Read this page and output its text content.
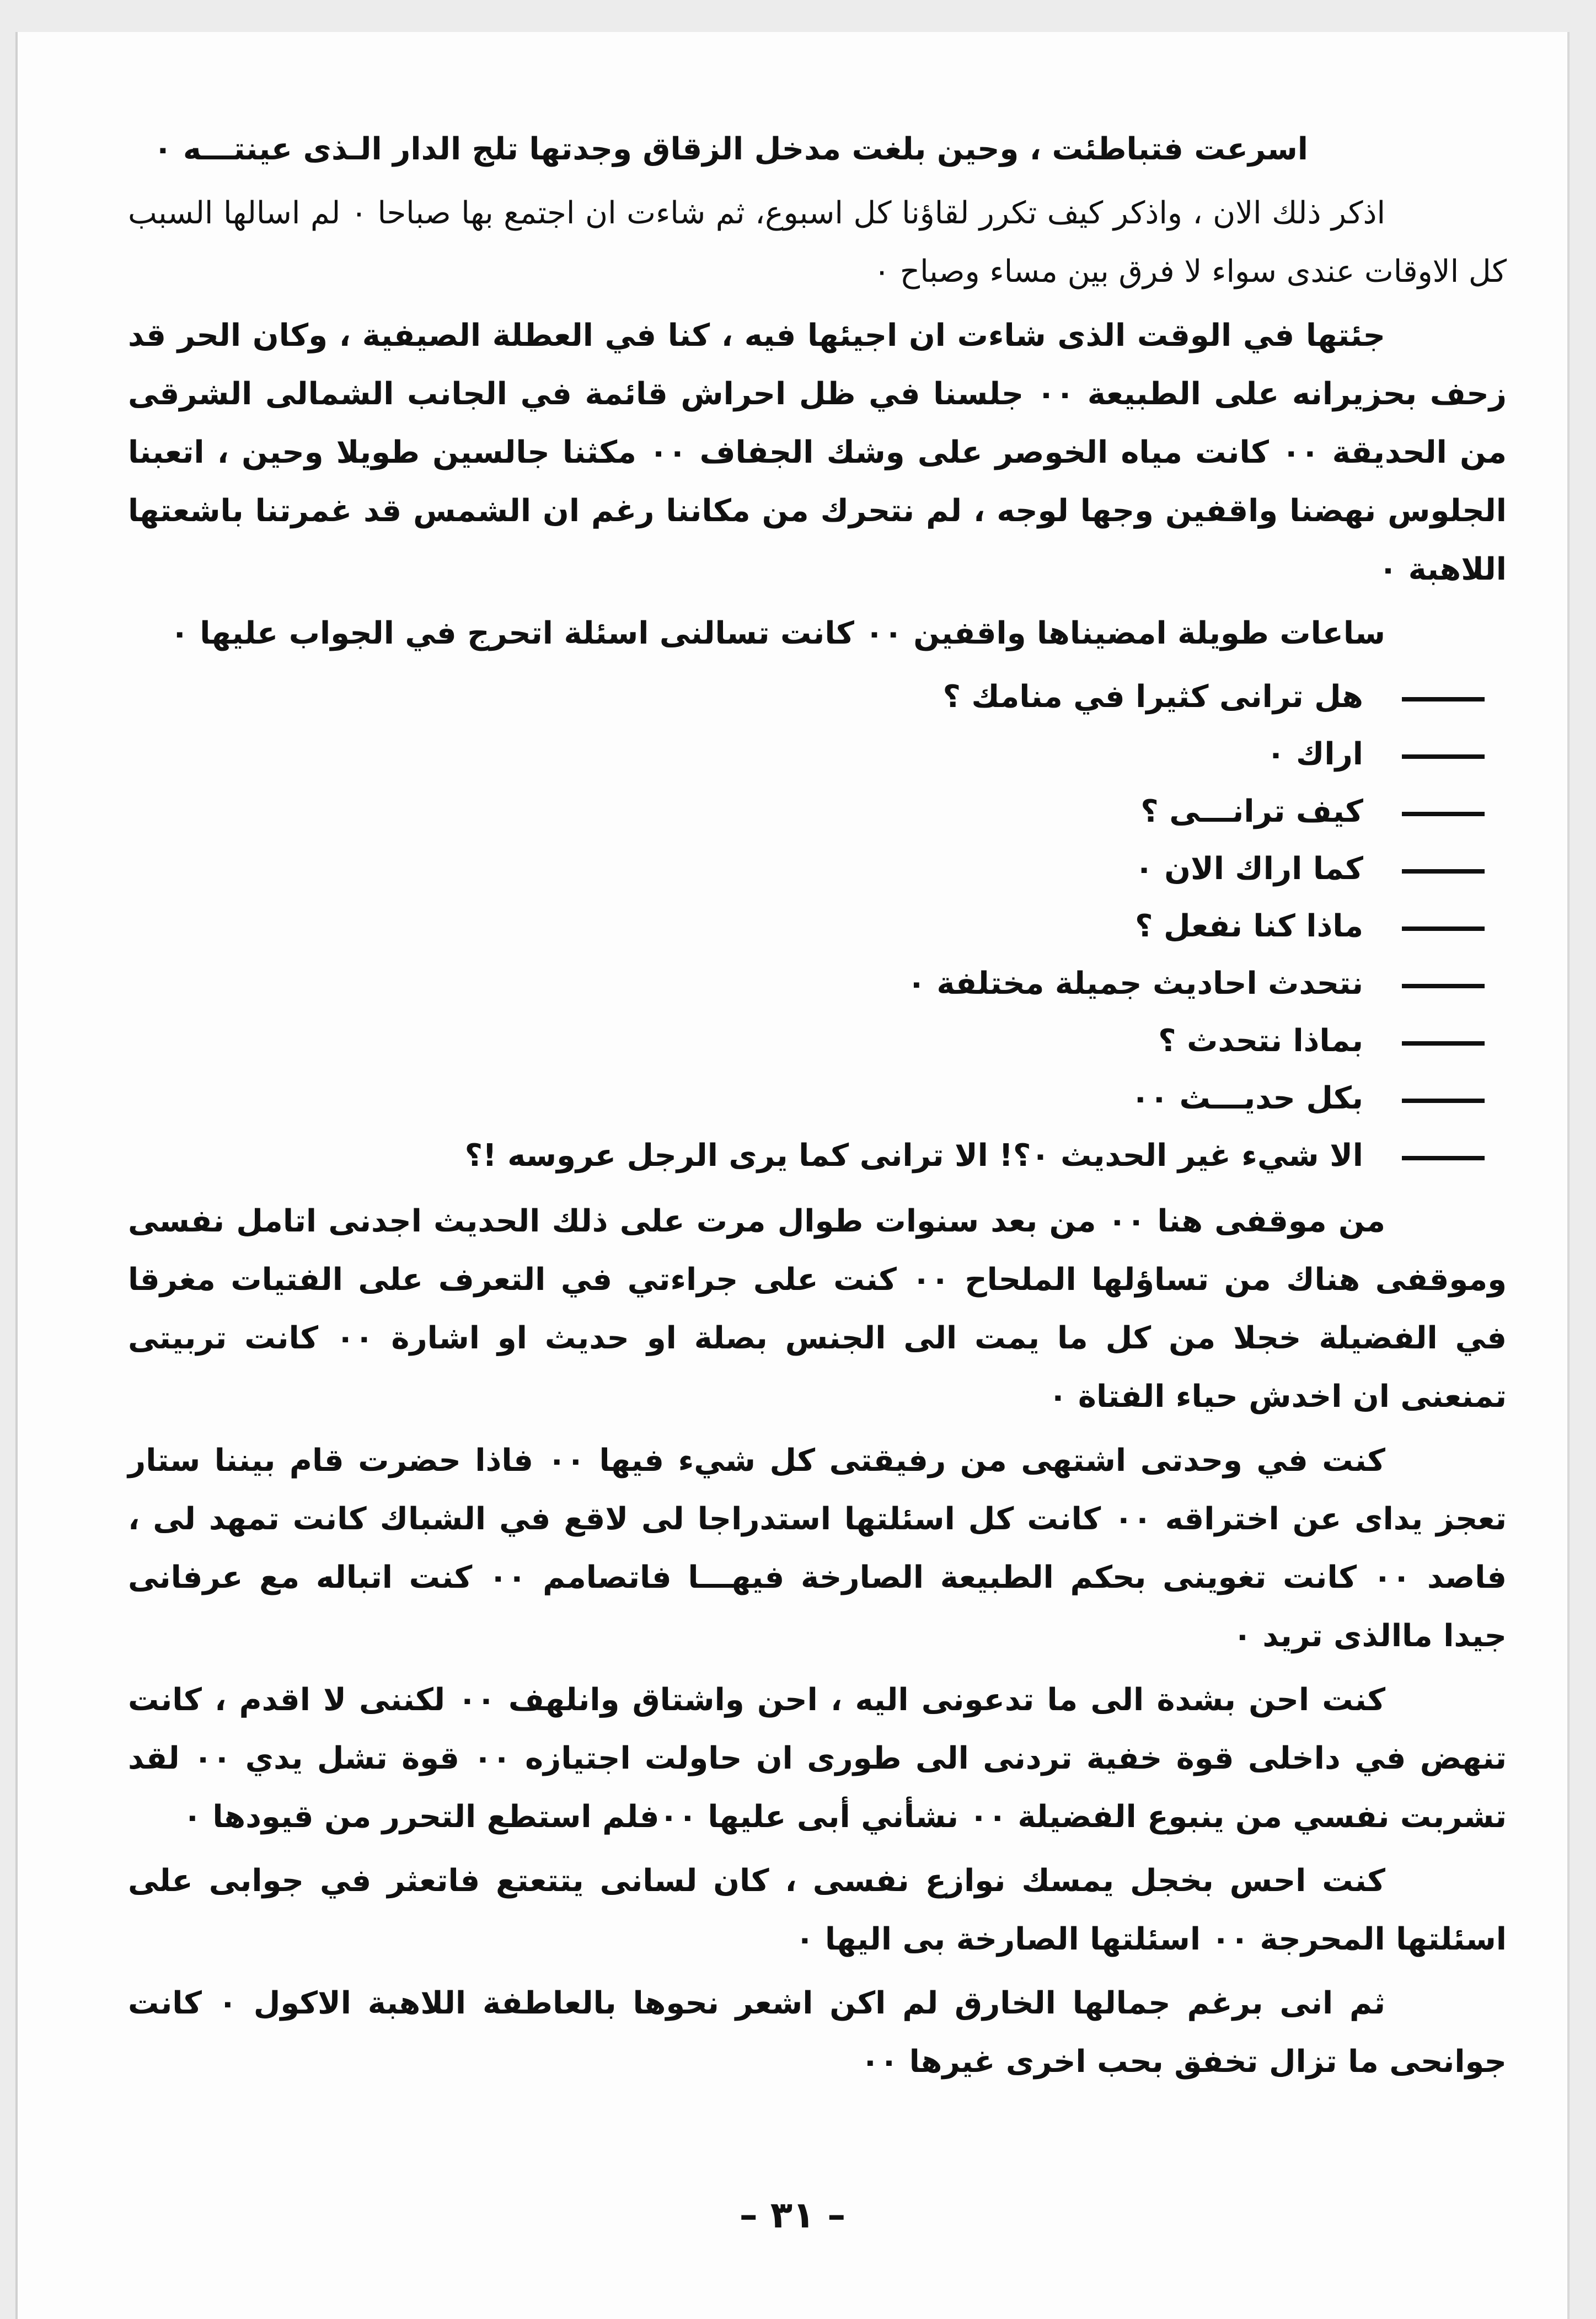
اسرعت فتباطئت ، وحين بلغت مدخل الزقاق وجدتها تلج الدار الـذى عينتـــه ٠

اذكر ذلك الان ، واذكر كيف تكرر لقاؤنا كل اسبوع، ثم شاءت ان اجتمع بها صباحا ٠ لم اسالها السبب كل الاوقات عندى سواء لا فرق بين مساء وصباح ٠

جئتها في الوقت الذى شاءت ان اجيئها فيه ، كنا في العطلة الصيفية ، وكان الحر قد زحف بحزيرانه على الطبيعة ٠٠ جلسنا في ظل احراش قائمة في الجانب الشمالى الشرقى من الحديقة ٠٠ كانت مياه الخوصر على وشك الجفاف ٠٠ مكثنا جالسين طويلا وحين ، اتعبنا الجلوس نهضنا واقفين وجها لوجه ، لم نتحرك من مكاننا رغم ان الشمس قد غمرتنا باشعتها اللاهبة ٠

ساعات طويلة امضيناها واقفين ٠٠ كانت تسالنى اسئلة اتحرج في الجواب عليها ٠

هل ترانى كثيرا في منامك ؟
اراك ٠
كيف ترانـــى ؟
كما اراك الان ٠
ماذا كنا نفعل ؟
نتحدث احاديث جميلة مختلفة ٠
بماذا نتحدث ؟
بكل حديـــث ٠٠
الا شيء غير الحديث ٠؟! الا ترانى كما يرى الرجل عروسه !؟

من موقفى هنا ٠٠ من بعد سنوات طوال مرت على ذلك الحديث اجدنى اتامل نفسى وموقفى هناك من تساؤلها الملحاح ٠٠ كنت على جراءتي في التعرف على الفتيات مغرقا في الفضيلة خجلا من كل ما يمت الى الجنس بصلة او حديث او اشارة ٠٠ كانت تربيتى تمنعنى ان اخدش حياء الفتاة ٠

كنت في وحدتى اشتهى من رفيقتى كل شيء فيها ٠٠ فاذا حضرت قام بيننا ستار تعجز يداى عن اختراقه ٠٠ كانت كل اسئلتها استدراجا لى لاقع في الشباك كانت تمهد لى ، فاصد ٠٠ كانت تغوينى بحكم الطبيعة الصارخة فيهـــا فاتصامم ٠٠ كنت اتباله مع عرفانى جيدا ماالذى تريد ٠

كنت احن بشدة الى ما تدعونى اليه ، احن واشتاق وانلهف ٠٠ لكننى لا اقدم ، كانت تنهض في داخلى قوة خفية تردنى الى طورى ان حاولت اجتيازه ٠٠ قوة تشل يدي ٠٠ لقد تشربت نفسي من ينبوع الفضيلة ٠٠ نشأني أبى عليها ٠٠فلم استطع التحرر من قيودها ٠

كنت احس بخجل يمسك نوازع نفسى ، كان لسانى يتتعتع فاتعثر في جوابى على اسئلتها المحرجة ٠٠ اسئلتها الصارخة بى اليها ٠

ثم انى برغم جمالها الخارق لم اكن اشعر نحوها بالعاطفة اللاهبة الاكول ٠ كانت جوانحى ما تزال تخفق بحب اخرى غيرها ٠٠

– ٣١ –
